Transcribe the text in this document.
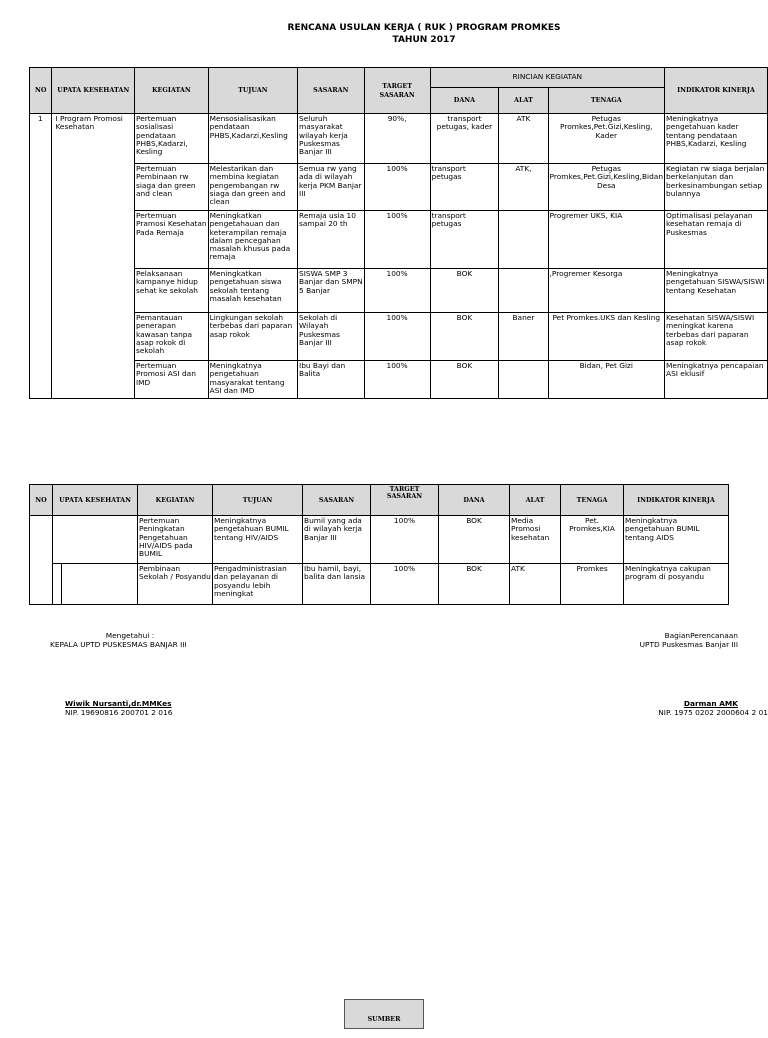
RENCANA USULAN KERJA ( RUK ) PROGRAM PROMKES
TAHUN 2017
NO	UPATA KESEHATAN	KEGIATAN	TUJUAN	SASARAN	TARGET SASARAN	RINCIAN KEGIATAN			INDIKATOR KINERJA
						DANA	ALAT	TENAGA	
1	I Program Promosi Kesehatan	Pertemuan sosialisasi pendataan PHBS,Kadarzi, Kesling	Mensosialisasikan pendataan PHBS,Kadarzi,Kesling	Seluruh masyarakat wilayah kerja Puskesmas Banjar III	90%,	transport petugas, kader	ATK	Petugas Promkes,Pet.Gizi,Kesling, Kader	Meningkatnya pengetahuan kader tentang pendataan PHBS,Kadarzi, Kesling
		Pertemuan Pembinaan rw siaga dan green and clean	Melestarikan dan membina kegiatan pengembangan rw siaga dan green and clean	Semua rw yang ada di wilayah kerja PKM Banjar III	100%	transport petugas	ATK,	Petugas Promkes,Pet.Gizi,Kesling,Bidan Desa	Kegiatan rw siaga berjalan berkelanjutan dan berkesinambungan setiap bulannya
		Pertemuan Pramosi Kesehatan Pada Remaja	Meningkatkan pengetahauan dan keterampilan remaja dalam pencegahan masalah khusus pada remaja	Remaja usia 10 sampai 20 th	100%	transport petugas		Progremer UKS, KIA	Optimalisasi pelayanan kesehatan remaja di Puskesmas
		Pelaksanaan kampanye hidup sehat ke sekolah	Meningkatkan pengetahuan siswa sekolah tentang masalah kesehatan	SISWA SMP 3 Banjar dan SMPN 5 Banjar	100%	BOK		,Progremer Kesorga	Meningkatnya pengetahuan SISWA/SISWI tentang Kesehatan
		Pemantauan penerapan kawasan tanpa asap rokok di sekolah	Lingkungan sekolah terbebas dari paparan asap rokok	Sekolah di Wilayah Puskesmas Banjar III	100%	BOK	Baner	Pet Promkes.UKS dan Kesling	Kesehatan SISWA/SISWI meningkat karena terbebas dari paparan asap rokok
		Pertemuan Promosi ASI dan IMD	Meningkatnya pengetahuan masyarakat tentang ASI dan IMD	Ibu Bayi dan Balita	100%	BOK		Bidan, Pet Gizi	Meningkatnya pencapaian ASI eklusif
NO	UPATA KESEHATAN	KEGIATAN	TUJUAN	SASARAN	TARGET SASARAN	DANA	ALAT	TENAGA	INDIKATOR KINERJA
		Pertemuan Peningkatan Pengetahuan HIV/AIDS pada BUMIL	Meningkatnya pengetahuan BUMIL tentang HIV/AIDS	Bumil yang ada di wilayah kerja Banjar III	100%	BOK	Media Promosi kesehatan	Pet. Promkes,KIA	Meningkatnya pengetahuan BUMIL tentang AIDS

		Pembinaan Sekolah / Posyandu	Pengadministrasian dan pelayanan di posyandu lebih meningkat	Ibu hamil, bayi, balita dan lansia	100%	BOK	ATK	Promkes	Meningkatnya cakupan program di posyandu
Mengetahui :
KEPALA UPTD PUSKESMAS BANJAR III
Wiwik Nursanti,dr.MMKes
NIP. 19690816 200701 2 016
BagianPerencanaan
UPTD Puskesmas Banjar III
Darman AMK
NIP. 1975 0202 2000604 2 01
SUMBER
